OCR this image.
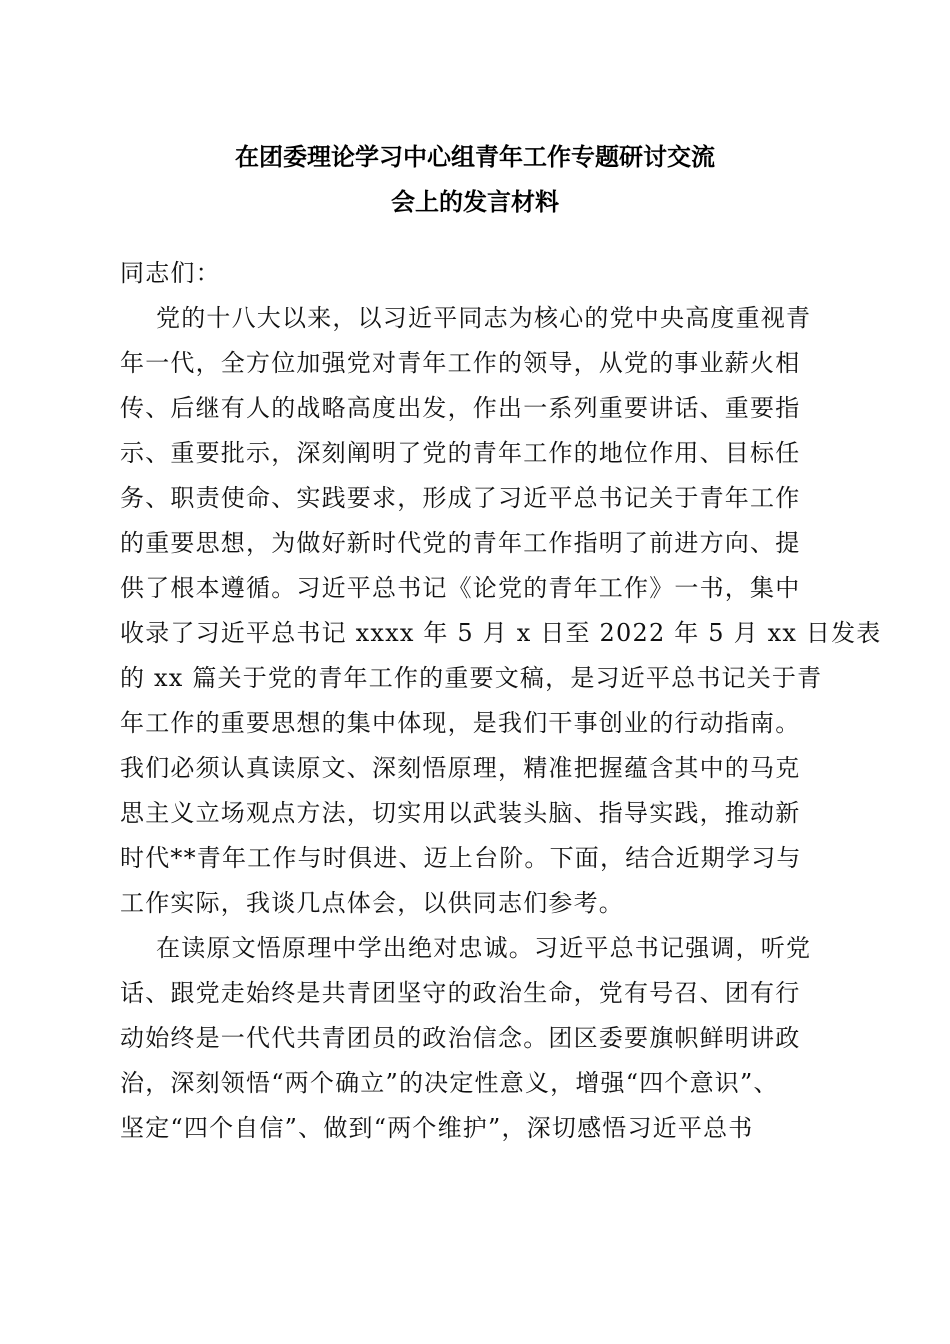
在团委理论学习中心组青年工作专题研讨交流
会上的发言材料
同志们：
党的十八大以来，以习近平同志为核心的党中央高度重视青
年一代，全方位加强党对青年工作的领导，从党的事业薪火相
传、后继有人的战略高度出发，作出一系列重要讲话、重要指
示、重要批示，深刻阐明了党的青年工作的地位作用、目标任
务、职责使命、实践要求，形成了习近平总书记关于青年工作
的重要思想，为做好新时代党的青年工作指明了前进方向、提
供了根本遵循。习近平总书记《论党的青年工作》一书，集中
收录了习近平总书记 xxxx 年 5 月 x 日至 2022 年 5 月 xx 日发表
的 xx 篇关于党的青年工作的重要文稿，是习近平总书记关于青
年工作的重要思想的集中体现，是我们干事创业的行动指南。
我们必须认真读原文、深刻悟原理，精准把握蕴含其中的马克
思主义立场观点方法，切实用以武装头脑、指导实践，推动新
时代**青年工作与时俱进、迈上台阶。下面，结合近期学习与
工作实际，我谈几点体会，以供同志们参考。
在读原文悟原理中学出绝对忠诚。习近平总书记强调，听党
话、跟党走始终是共青团坚守的政治生命，党有号召、团有行
动始终是一代代共青团员的政治信念。团区委要旗帜鲜明讲政
治，深刻领悟“两个确立”的决定性意义，增强“四个意识”、
坚定“四个自信”、做到“两个维护”，深切感悟习近平总书
